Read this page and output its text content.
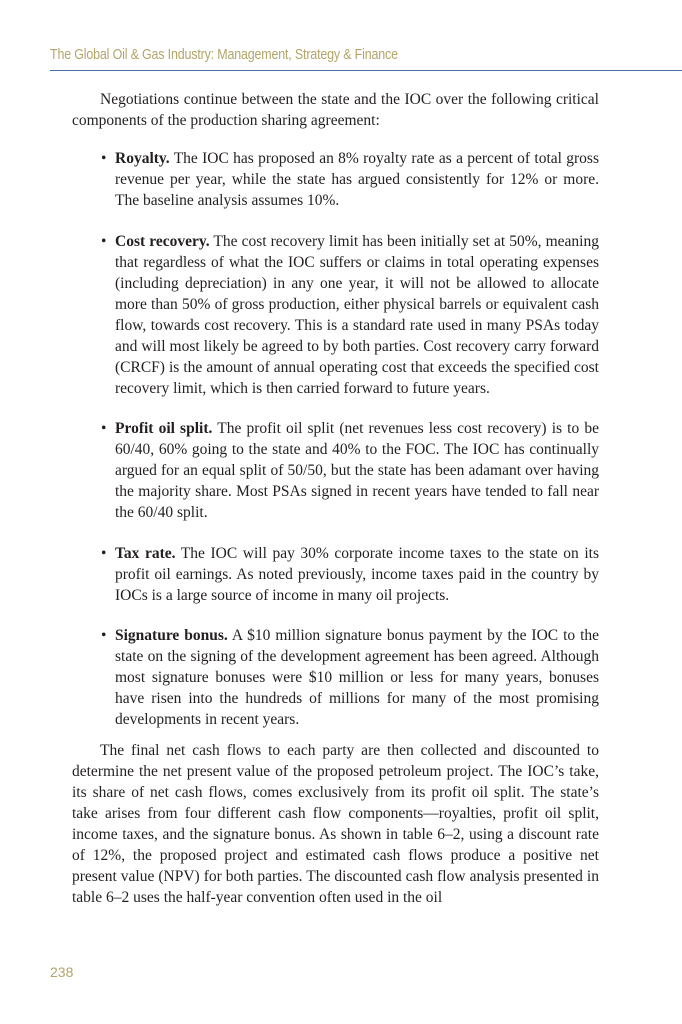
The Global Oil & Gas Industry: Management, Strategy & Finance

Negotiations continue between the state and the IOC over the following critical components of the production sharing agreement:

• Royalty. The IOC has proposed an 8% royalty rate as a percent of total gross revenue per year, while the state has argued consistently for 12% or more. The baseline analysis assumes 10%.
• Cost recovery. The cost recovery limit has been initially set at 50%, meaning that regardless of what the IOC suffers or claims in total operating expenses (including depreciation) in any one year, it will not be allowed to allocate more than 50% of gross production, either physical barrels or equivalent cash flow, towards cost recovery. This is a standard rate used in many PSAs today and will most likely be agreed to by both parties. Cost recovery carry forward (CRCF) is the amount of annual operating cost that exceeds the specified cost recovery limit, which is then carried forward to future years.
• Profit oil split. The profit oil split (net revenues less cost recovery) is to be 60/40, 60% going to the state and 40% to the FOC. The IOC has continually argued for an equal split of 50/50, but the state has been adamant over having the majority share. Most PSAs signed in recent years have tended to fall near the 60/40 split.
• Tax rate. The IOC will pay 30% corporate income taxes to the state on its profit oil earnings. As noted previously, income taxes paid in the country by IOCs is a large source of income in many oil projects.
• Signature bonus. A $10 million signature bonus payment by the IOC to the state on the signing of the development agreement has been agreed. Although most signature bonuses were $10 million or less for many years, bonuses have risen into the hundreds of millions for many of the most promising developments in recent years.

The final net cash flows to each party are then collected and discounted to determine the net present value of the proposed petroleum project. The IOC’s take, its share of net cash flows, comes exclusively from its profit oil split. The state’s take arises from four different cash flow components—royalties, profit oil split, income taxes, and the signature bonus. As shown in table 6–2, using a discount rate of 12%, the proposed project and estimated cash flows produce a positive net present value (NPV) for both parties. The discounted cash flow analysis presented in table 6–2 uses the half-year convention often used in the oil

238
